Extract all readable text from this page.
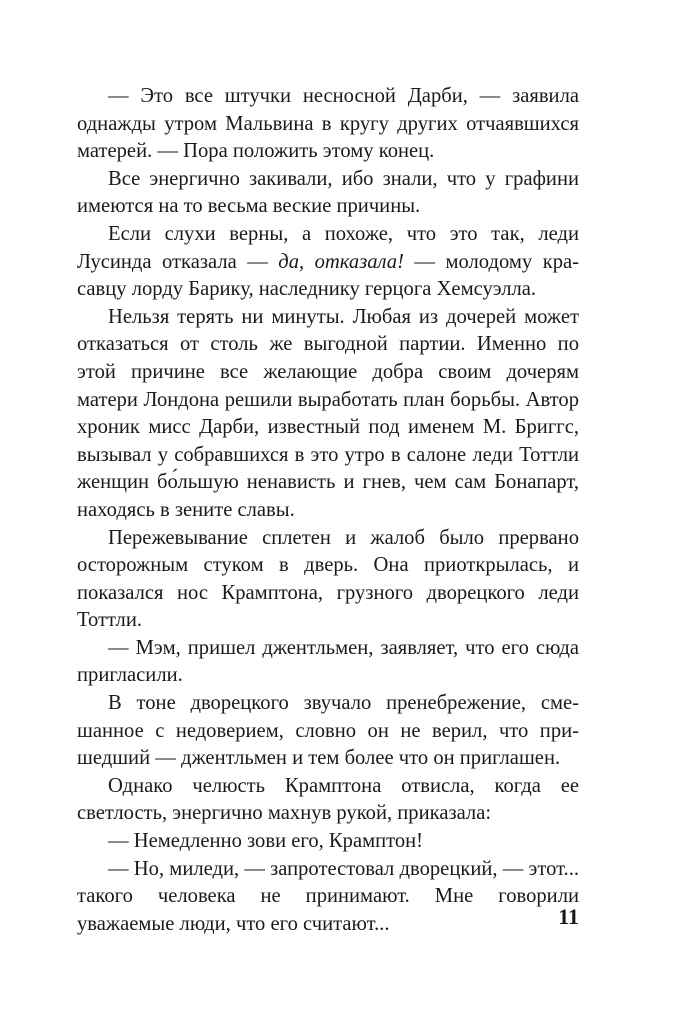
— Это все штучки несносной Дарби, — заявила однажды утром Мальвина в кругу других отчаявшихся матерей. — Пора положить этому конец.

Все энергично закивали, ибо знали, что у графини имеются на то весьма веские причины.

Если слухи верны, а похоже, что это так, леди Лусинда отказала — да, отказала! — молодому красавцу лорду Барику, наследнику герцога Хемсуэлла.

Нельзя терять ни минуты. Любая из дочерей может отказаться от столь же выгодной партии. Именно по этой причине все желающие добра своим дочерям матери Лондона решили выработать план борьбы. Автор хроник мисс Дарби, известный под именем М. Бриггс, вызывал у собравшихся в это утро в салоне леди Тоттли женщин бо́льшую ненависть и гнев, чем сам Бонапарт, находясь в зените славы.

Пережевывание сплетен и жалоб было прервано осторожным стуком в дверь. Она приоткрылась, и показался нос Крамптона, грузного дворецкого леди Тоттли.

— Мэм, пришел джентльмен, заявляет, что его сюда пригласили.

В тоне дворецкого звучало пренебрежение, смешанное с недоверием, словно он не верил, что пришедший — джентльмен и тем более что он приглашен.

Однако челюсть Крамптона отвисла, когда ее светлость, энергично махнув рукой, приказала:

— Немедленно зови его, Крамптон!

— Но, миледи, — запротестовал дворецкий, — этот... такого человека не принимают. Мне говорили уважаемые люди, что его считают...	11
